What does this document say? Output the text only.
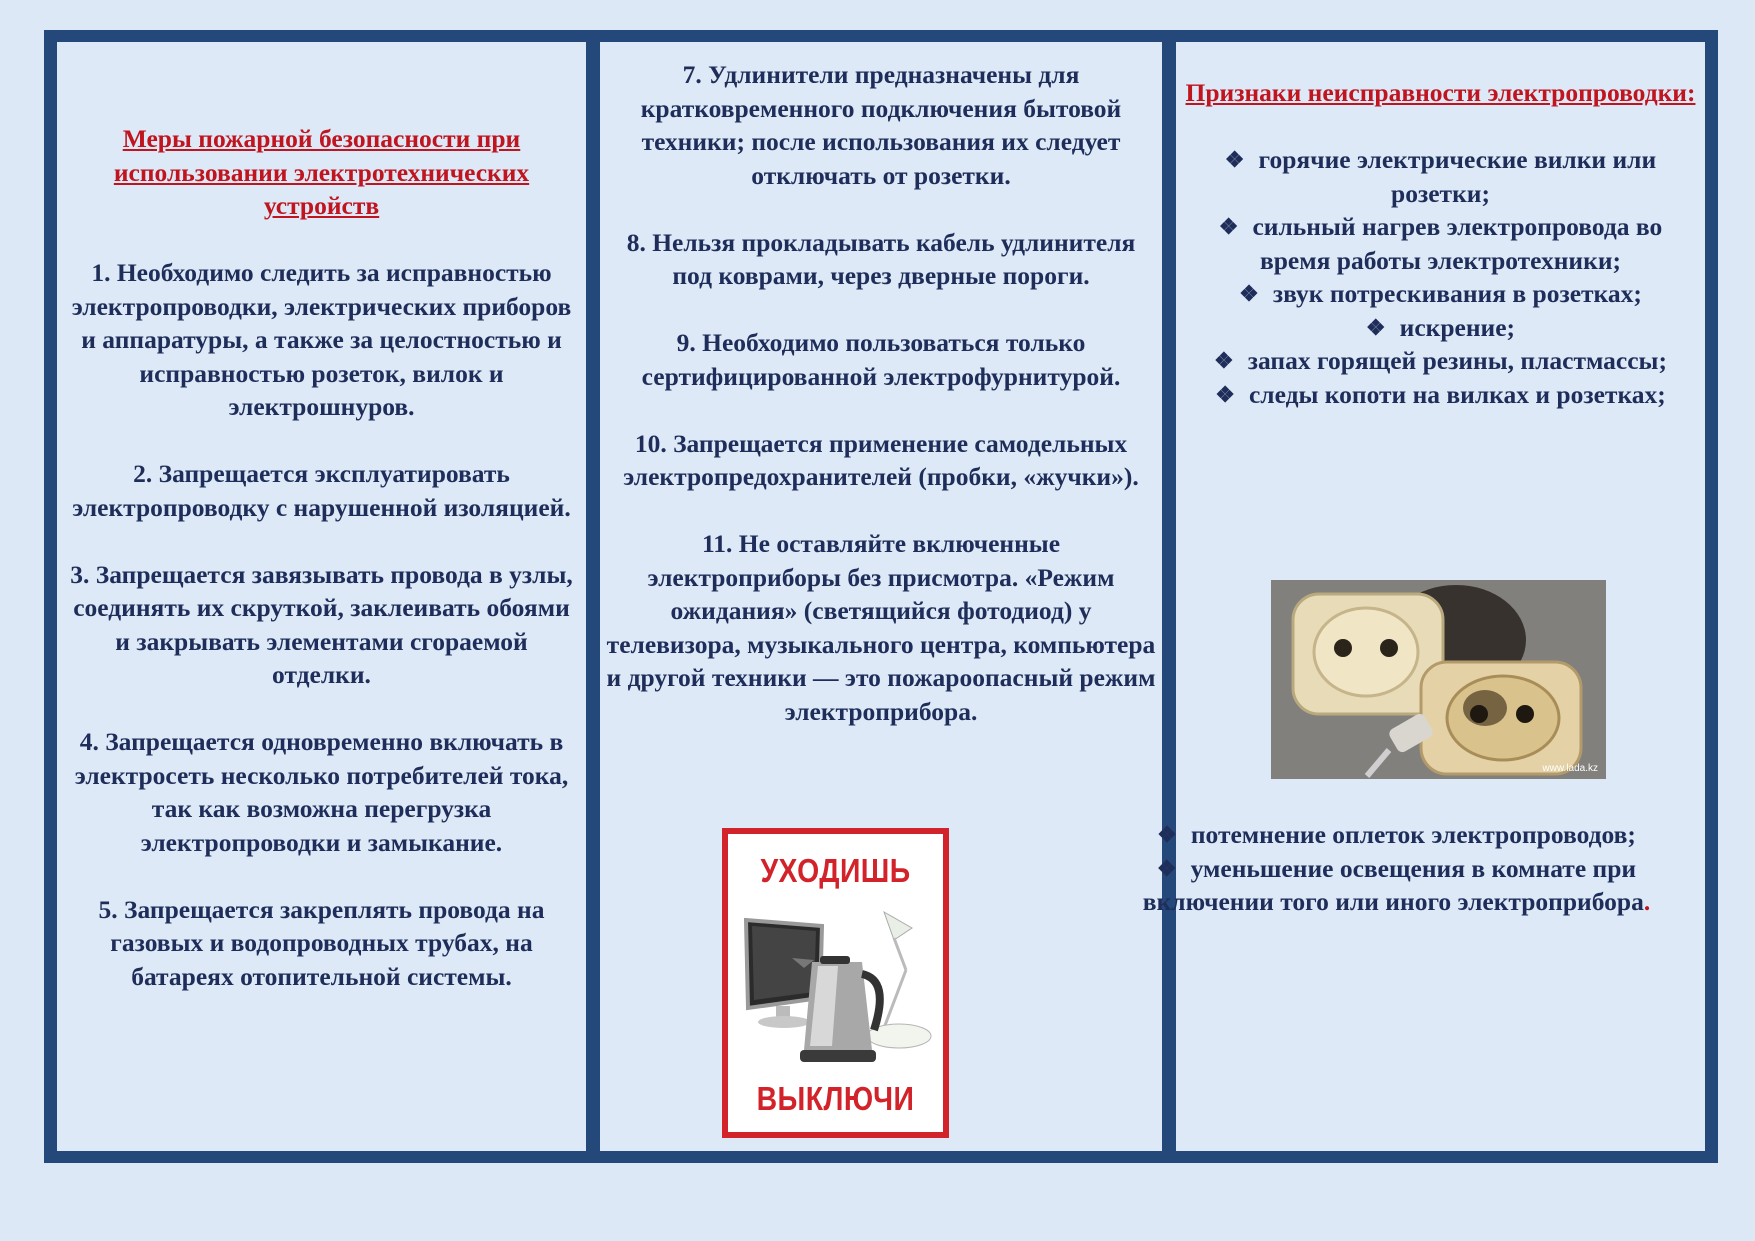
Меры пожарной безопасности при использовании электротехнических устройств
1. Необходимо следить за исправностью электропроводки, электрических приборов и аппаратуры, а также за целостностью и исправностью розеток, вилок и электрошнуров.
2. Запрещается эксплуатировать электропроводку с нарушенной изоляцией.
3. Запрещается завязывать провода в узлы, соединять их скруткой, заклеивать обоями и закрывать элементами сгораемой отделки.
4. Запрещается одновременно включать в электросеть несколько потребителей тока, так как возможна перегрузка электропроводки и замыкание.
5. Запрещается закреплять провода на газовых и водопроводных трубах, на батареях отопительной системы.
7. Удлинители предназначены для кратковременного подключения бытовой техники; после использования их следует отключать от розетки.
8. Нельзя прокладывать кабель удлинителя под коврами, через дверные пороги.
9. Необходимо пользоваться только сертифицированной электрофурнитурой.
10. Запрещается применение самодельных электропредохранителей (пробки, «жучки»).
11. Не оставляйте включенные электроприборы без присмотра. «Режим ожидания» (светящийся фотодиод) у телевизора, музыкального центра, компьютера и другой техники — это пожароопасный режим электроприбора.
Признаки неисправности электропроводки:
❖ горячие электрические вилки или розетки;
❖ сильный нагрев электропровода во время работы электротехники;
❖ звук потрескивания в розетках;
❖ искрение;
❖ запах горящей резины, пластмассы;
❖ следы копоти на вилках и розетках;
УХОДИШЬ
ВЫКЛЮЧИ
www.lada.kz
❖ потемнение оплеток электропроводов;
❖ уменьшение освещения в комнате при включении того или иного электроприбора.
